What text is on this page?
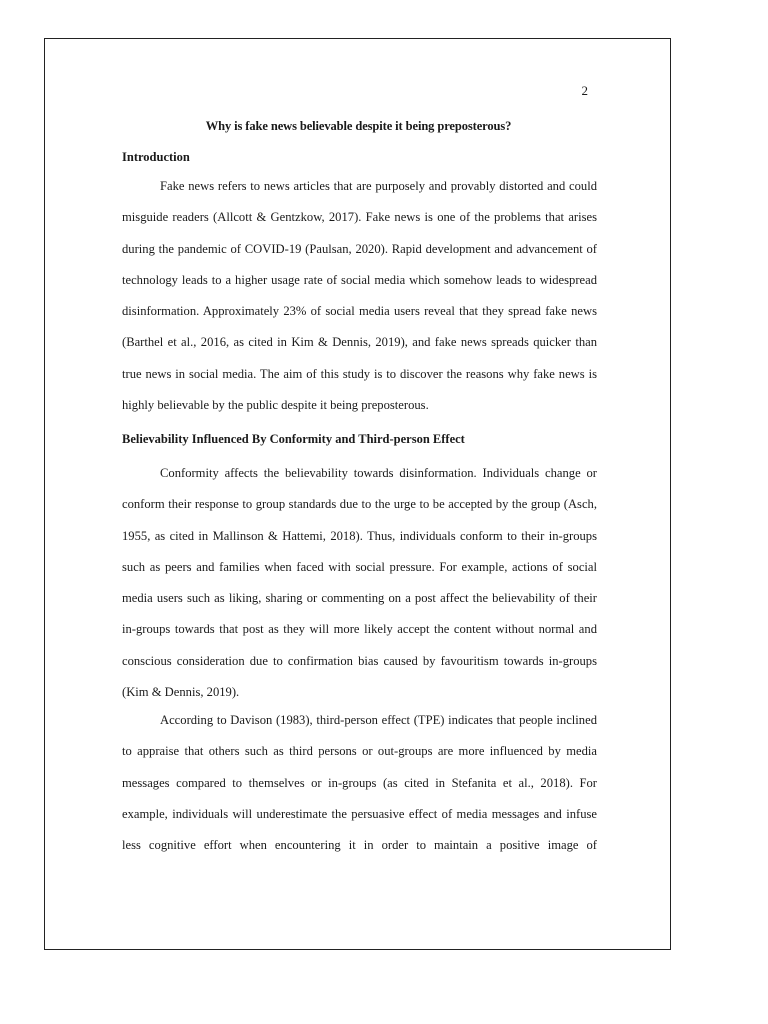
2
Why is fake news believable despite it being preposterous?
Introduction
Fake news refers to news articles that are purposely and provably distorted and could misguide readers (Allcott & Gentzkow, 2017). Fake news is one of the problems that arises during the pandemic of COVID-19 (Paulsan, 2020). Rapid development and advancement of technology leads to a higher usage rate of social media which somehow leads to widespread disinformation. Approximately 23% of social media users reveal that they spread fake news (Barthel et al., 2016, as cited in Kim & Dennis, 2019), and fake news spreads quicker than true news in social media. The aim of this study is to discover the reasons why fake news is highly believable by the public despite it being preposterous.
Believability Influenced By Conformity and Third-person Effect
Conformity affects the believability towards disinformation. Individuals change or conform their response to group standards due to the urge to be accepted by the group (Asch, 1955, as cited in Mallinson & Hattemi, 2018). Thus, individuals conform to their in-groups such as peers and families when faced with social pressure. For example, actions of social media users such as liking, sharing or commenting on a post affect the believability of their in-groups towards that post as they will more likely accept the content without normal and conscious consideration due to confirmation bias caused by favouritism towards in-groups (Kim & Dennis, 2019).
According to Davison (1983), third-person effect (TPE) indicates that people inclined to appraise that others such as third persons or out-groups are more influenced by media messages compared to themselves or in-groups (as cited in Stefanita et al., 2018). For example, individuals will underestimate the persuasive effect of media messages and infuse less cognitive effort when encountering it in order to maintain a positive image of
